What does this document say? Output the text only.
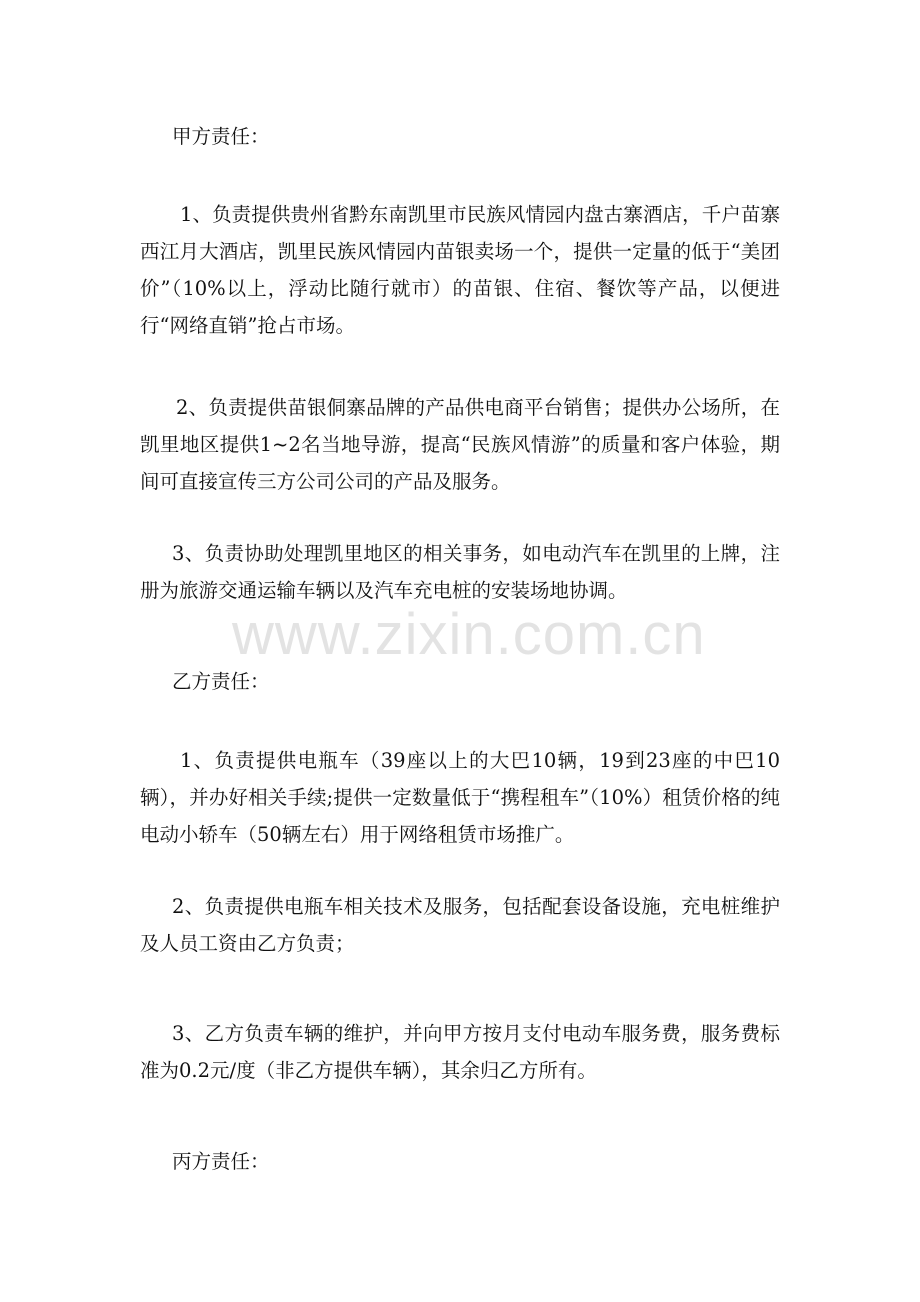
甲方责任：

1、负责提供贵州省黔东南凯里市民族风情园内盘古寨酒店，千户苗寨西江月大酒店，凯里民族风情园内苗银卖场一个，提供一定量的低于“美团价”（10%以上，浮动比随行就市）的苗银、住宿、餐饮等产品，以便进行“网络直销”抢占市场。

2、负责提供苗银侗寨品牌的产品供电商平台销售；提供办公场所，在凯里地区提供1~2名当地导游，提高“民族风情游”的质量和客户体验，期间可直接宣传三方公司公司的产品及服务。

3、负责协助处理凯里地区的相关事务，如电动汽车在凯里的上牌，注册为旅游交通运输车辆以及汽车充电桩的安装场地协调。

www.zixin.com.cn

乙方责任：

1、负责提供电瓶车（39座以上的大巴10辆，19到23座的中巴10辆），并办好相关手续;提供一定数量低于“携程租车”（10%）租赁价格的纯电动小轿车（50辆左右）用于网络租赁市场推广。

2、负责提供电瓶车相关技术及服务，包括配套设备设施，充电桩维护及人员工资由乙方负责；

3、乙方负责车辆的维护，并向甲方按月支付电动车服务费，服务费标准为0.2元/度（非乙方提供车辆），其余归乙方所有。

丙方责任：
